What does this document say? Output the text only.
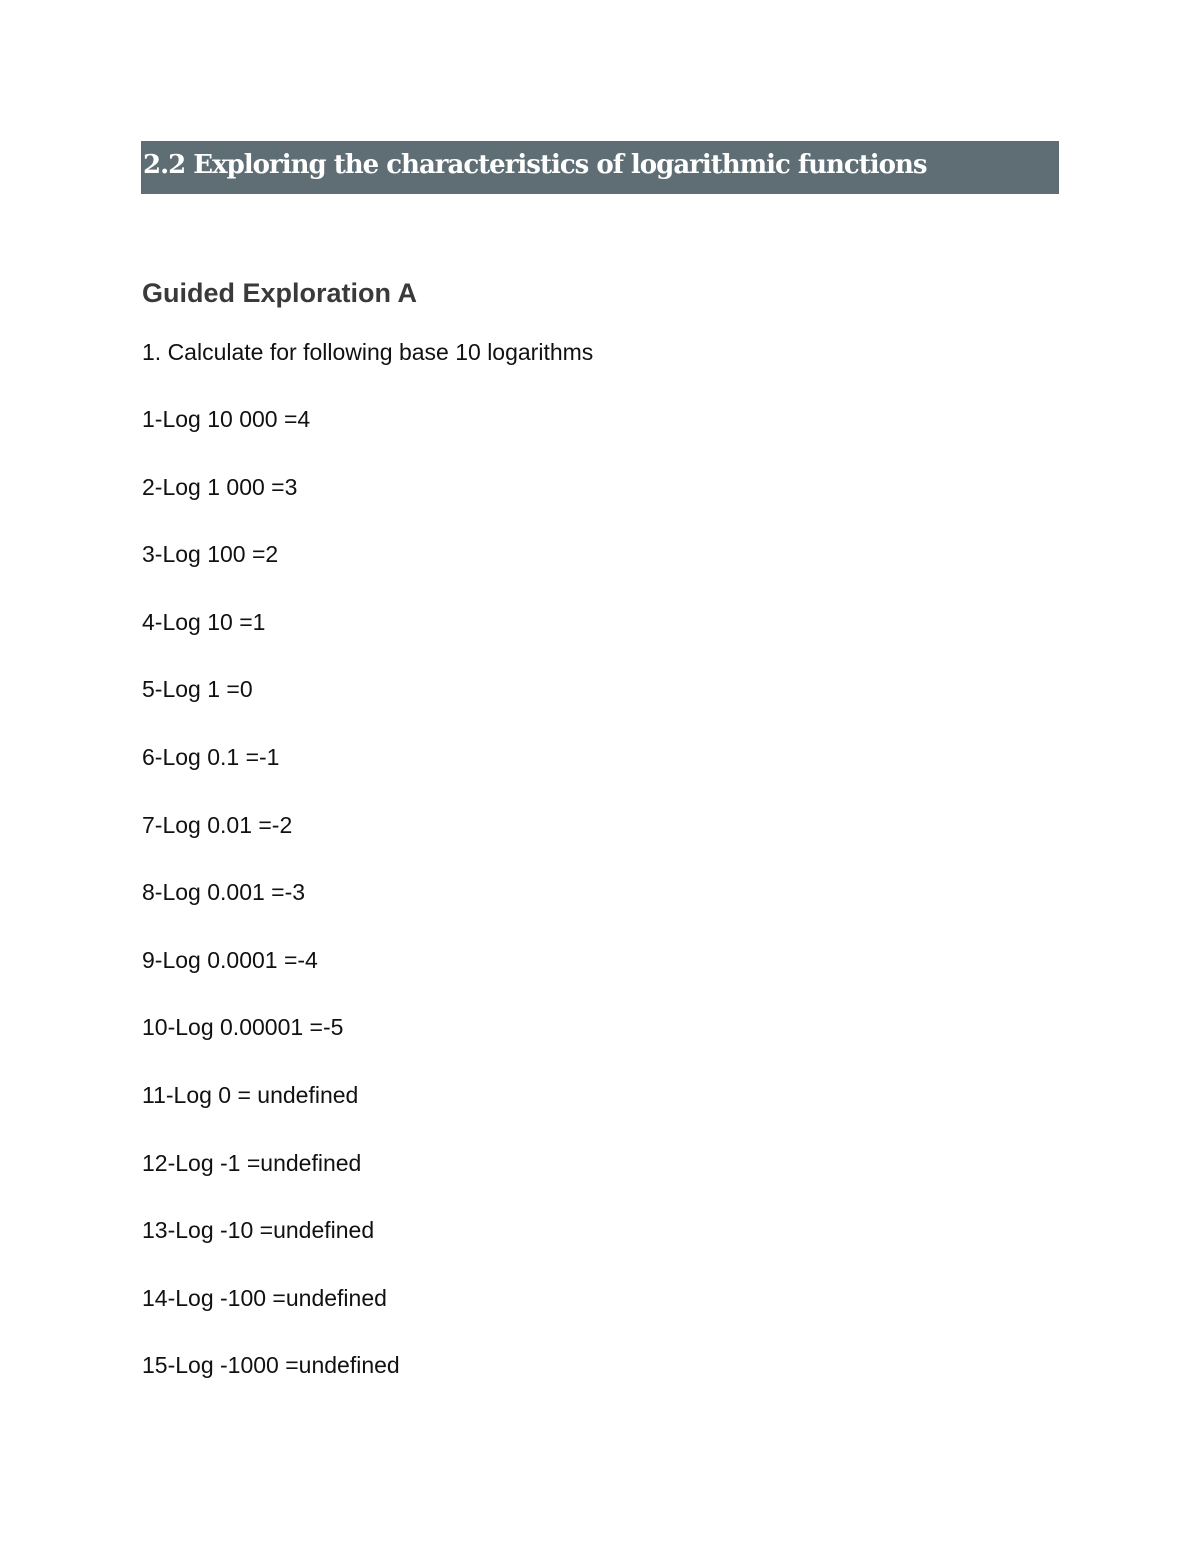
2.2 Exploring the characteristics of logarithmic functions
Guided Exploration A
1. Calculate for following base 10 logarithms
1-Log 10 000 =4
2-Log 1 000 =3
3-Log 100 =2
4-Log 10 =1
5-Log 1 =0
6-Log 0.1 =-1
7-Log 0.01 =-2
8-Log 0.001 =-3
9-Log 0.0001 =-4
10-Log 0.00001 =-5
11-Log 0 = undefined
12-Log -1 =undefined
13-Log -10 =undefined
14-Log -100 =undefined
15-Log -1000 =undefined
